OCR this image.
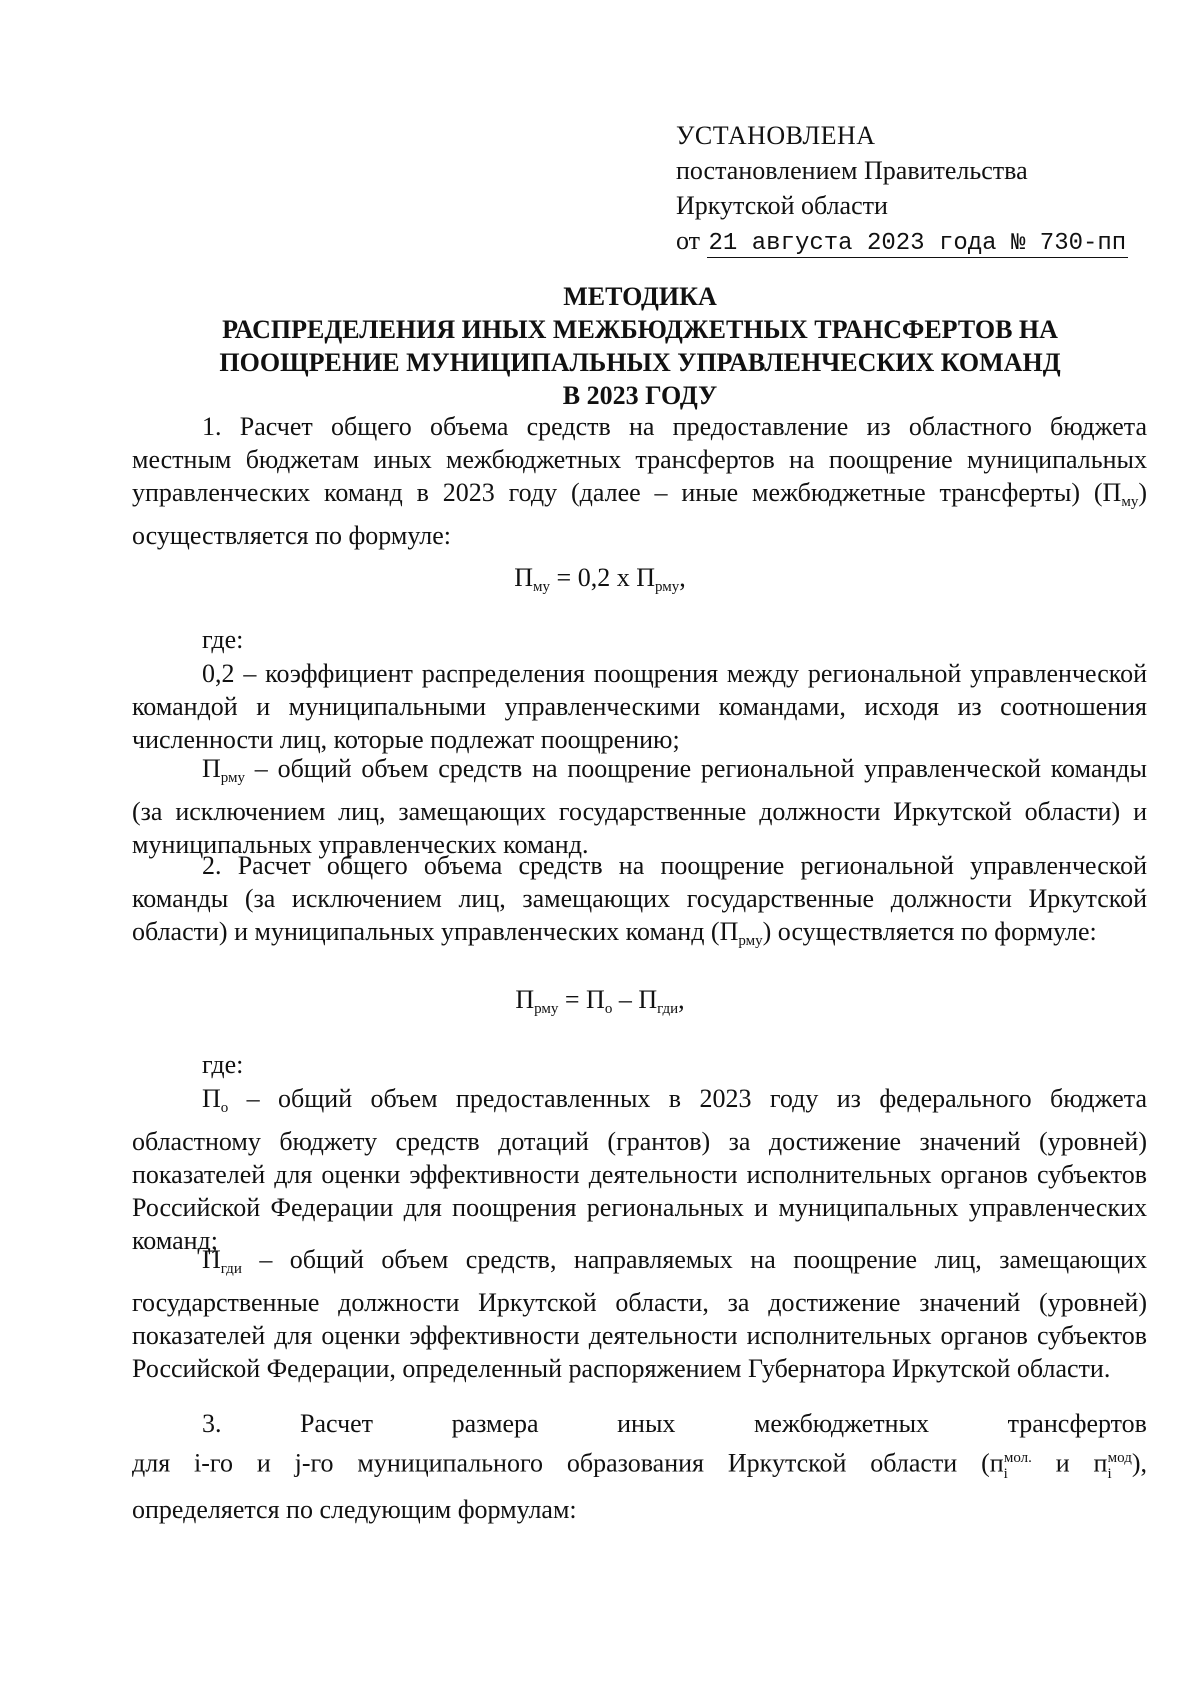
УСТАНОВЛЕНА
постановлением Правительства
Иркутской области
от 21 августа 2023 года № 730-пп
МЕТОДИКА
РАСПРЕДЕЛЕНИЯ ИНЫХ МЕЖБЮДЖЕТНЫХ ТРАНСФЕРТОВ НА
ПООЩРЕНИЕ МУНИЦИПАЛЬНЫХ УПРАВЛЕНЧЕСКИХ КОМАНД
В 2023 ГОДУ
1. Расчет общего объема средств на предоставление из областного бюджета местным бюджетам иных межбюджетных трансфертов на поощрение муниципальных управленческих команд в 2023 году (далее – иные межбюджетные трансферты) $(П_{му})$ осуществляется по формуле:
$П_{му} = 0,2$ х $П_{рму}$,
где:
0,2 – коэффициент распределения поощрения между региональной управленческой командой и муниципальными управленческими командами, исходя из соотношения численности лиц, которые подлежат поощрению;
$П_{рму}$ – общий объем средств на поощрение региональной управленческой команды (за исключением лиц, замещающих государственные должности Иркутской области) и муниципальных управленческих команд.
2. Расчет общего объема средств на поощрение региональной управленческой команды (за исключением лиц, замещающих государственные должности Иркутской области) и муниципальных управленческих команд $(П_{рму})$ осуществляется по формуле:
$П_{рму} = П_о - П_{гди}$,
где:
$П_о$ – общий объем предоставленных в 2023 году из федерального бюджета областному бюджету средств дотаций (грантов) за достижение значений (уровней) показателей для оценки эффективности деятельности исполнительных органов субъектов Российской Федерации для поощрения региональных и муниципальных управленческих команд;
$П_{гди}$ – общий объем средств, направляемых на поощрение лиц, замещающих государственные должности Иркутской области, за достижение значений (уровней) показателей для оценки эффективности деятельности исполнительных органов субъектов Российской Федерации, определенный распоряжением Губернатора Иркутской области.
3.	Расчет	размера	иных	межбюджетных	трансфертов
для i-го и j-го муниципального образования Иркутской области ($п_i^{мол.}$ и $п_i^{мод}$),
определяется по следующим формулам:
